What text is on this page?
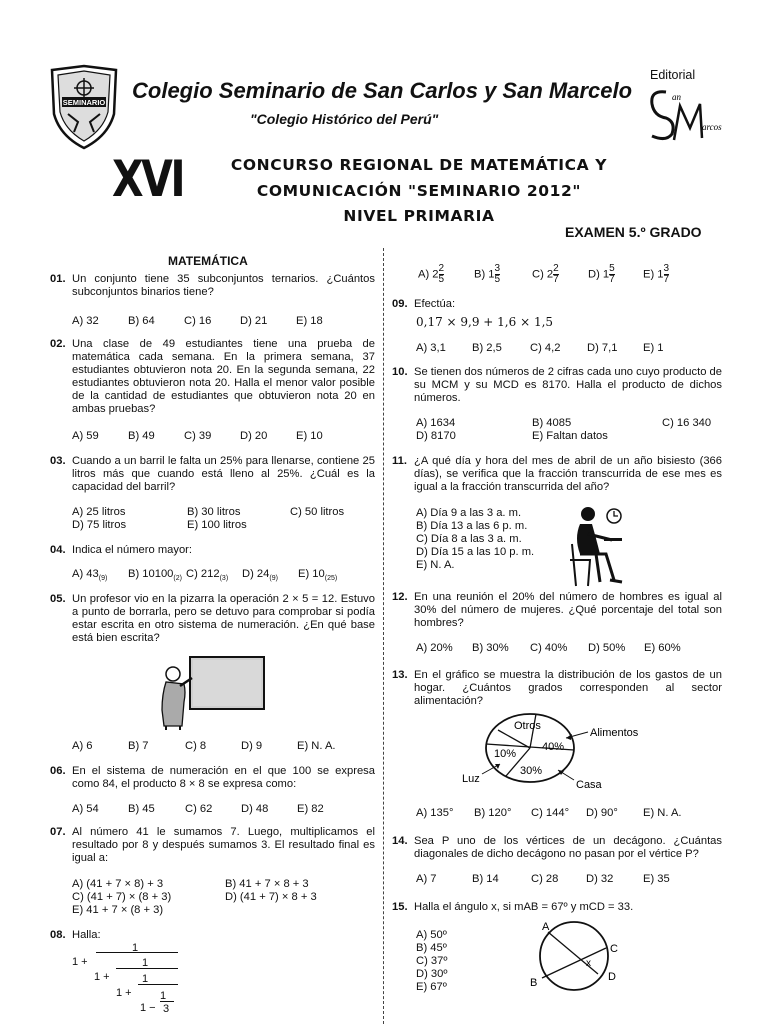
SEMINARIO Colegio Seminario de San Carlos y San Marcelo
"Colegio Histórico del Perú"
Editorial
an
arcos
XVI	CONCURSO REGIONAL DE MATEMÁTICA Y
COMUNICACIÓN "SEMINARIO 2012"
NIVEL PRIMARIA
EXAMEN 5.º GRADO
MATEMÁTICA
01. Un conjunto tiene 35 subconjuntos ternarios. ¿Cuántos subconjuntos binarios tiene?
A) 32	B) 64	C) 16	D) 21	E) 18
02. Una clase de 49 estudiantes tiene una prueba de matemática cada semana. En la primera semana, 37 estudiantes obtuvieron nota 20. En la segunda semana, 22 estudiantes obtuvieron nota 20. Halla el menor valor posible de la cantidad de estudiantes que obtuvieron nota 20 en ambas pruebas?
A) 59	B) 49	C) 39	D) 20	E) 10
03. Cuando a un barril le falta un 25% para llenarse, contiene 25 litros más que cuando está lleno al 25%. ¿Cuál es la capacidad del barril?
A) 25 litros	B) 30 litros	C) 50 litros
D) 75 litros	E) 100 litros
04. Indica el número mayor:
A) $43_{(9)}$ B) $10100_{(2)}$ C) $212_{(3)}$ D) $24_{(9)}$ E) $10_{(25)}$
05. Un profesor vio en la pizarra la operación 2 × 5 = 12. Estuvo a punto de borrarla, pero se detuvo para comprobar si podía estar escrita en otro sistema de numeración. ¿En qué base está bien escrita?
A) 6	B) 7	C) 8	D) 9	E) N. A.
06. En el sistema de numeración en el que 100 se expresa como 84, el producto 8 × 8 se expresa como:
A) 54	B) 45	C) 62	D) 48	E) 82
07. Al número 41 le sumamos 7. Luego, multiplicamos el resultado por 8 y después sumamos 3. El resultado final es igual a:
A) (41 + 7 × 8) + 3	B) 41 + 7 × 8 + 3
C) (41 + 7) × (8 + 3)	D) (41 + 7) × 8 + 3
E) 41 + 7 × (8 + 3)
08. Halla:
1
1 +	1
1 +	1
1 +	1
1 − 3
A) $2 \frac{2}{5}$	B) $1 \frac{3}{5}$	C) $2 \frac{2}{7}$	D) $1 \frac{5}{7}$	E) $1 \frac{3}{7}$
09. Efectúa:
0,17 × 9,9 + 1,6 × 1,5
A) 3,1 B) 2,5	C) 4,2 D) 7,1 E) 1
10. Se tienen dos números de 2 cifras cada uno cuyo producto de su MCM y su MCD es 8170. Halla el producto de dichos números.
A) 1634	B) 4085	C) 16 340
D) 8170	E) Faltan datos
11. ¿A qué día y hora del mes de abril de un año bisiesto (366 días), se verifica que la fracción transcurrida de ese mes es igual a la fracción transcurrida del año?
A) Día 9 a las 3 a. m.
B) Día 13 a las 6 p. m.
C) Día 8 a las 3 a. m.
D) Día 15 a las 10 p. m.
E) N. A.
12. En una reunión el 20% del número de hombres es igual al 30% del número de mujeres. ¿Qué porcentaje del total son hombres?
A) 20% B) 30% C) 40% D) 50% E) 60%
13. En el gráfico se muestra la distribución de los gastos de un hogar. ¿Cuántos grados corresponden al sector alimentación?
Otros
40%
10%
30%
Alimentos
Luz	Casa
A) 135° B) 120° C) 144° D) 90° E) N. A.
14. Sea P uno de los vértices de un decágono. ¿Cuántas diagonales de dicho decágono no pasan por el vértice P?
A) 7	B) 14	C) 28 D) 32	E) 35
15. Halla el ángulo x, si mAB = 67º y mCD = 33.
A) 50º
B) 45º
C) 37º
D) 30º
E) 67º
A
B
C
D
x
